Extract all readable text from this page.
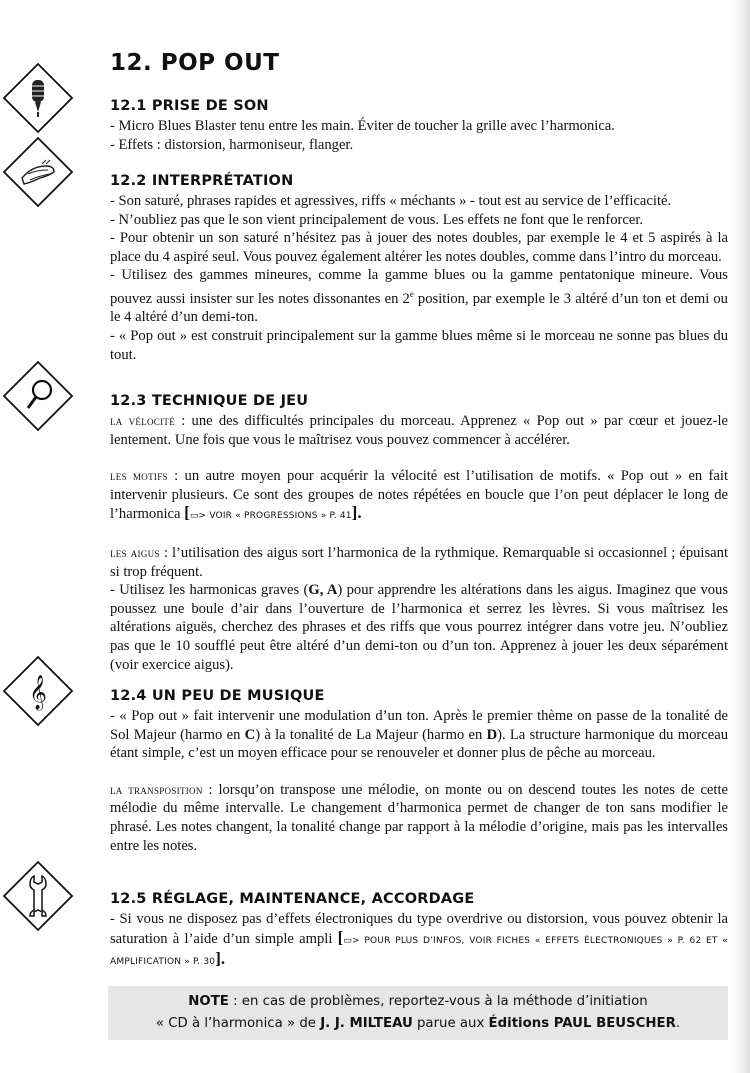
12. POP OUT
𝄞
12.1 PRISE DE SON

- Micro Blues Blaster tenu entre les main. Éviter de toucher la grille avec l’harmonica.

- Effets : distorsion, harmoniseur, flanger.

12.2 INTERPRÉTATION

- Son saturé, phrases rapides et agressives, riffs « méchants » - tout est au service de l’efficacité.

- N’oubliez pas que le son vient principalement de vous. Les effets ne font que le renforcer.

- Pour obtenir un son saturé n’hésitez pas à jouer des notes doubles, par exemple le 4 et 5 aspirés à la place du 4 aspiré seul. Vous pouvez également altérer les notes doubles, comme dans l’intro du morceau.

- Utilisez des gammes mineures, comme la gamme blues ou la gamme pentatonique mineure. Vous pouvez aussi insister sur les notes dissonantes en 2e position, par exemple le 3 altéré d’un ton et demi ou le 4 altéré d’un demi-ton.

- « Pop out » est construit principalement sur la gamme blues même si le morceau ne sonne pas blues du tout.

12.3 TECHNIQUE DE JEU

la vélocité : une des difficultés principales du morceau. Apprenez « Pop out » par cœur et jouez-le lentement. Une fois que vous le maîtrisez vous pouvez commencer à accélérer.

les motifs : un autre moyen pour acquérir la vélocité est l’utilisation de motifs. « Pop out » en fait intervenir plusieurs. Ce sont des groupes de notes répétées en boucle que l’on peut déplacer le long de l’harmonica [▭> VOIR « PROGRESSIONS » P. 41].

les aigus : l’utilisation des aigus sort l’harmonica de la rythmique. Remarquable si occasionnel ; épuisant si trop fréquent.

- Utilisez les harmonicas graves (G, A) pour apprendre les altérations dans les aigus. Imaginez que vous poussez une boule d’air dans l’ouverture de l’harmonica et serrez les lèvres. Si vous maîtrisez les altérations aiguës, cherchez des phrases et des riffs que vous pourrez intégrer dans votre jeu. N’oubliez pas que le 10 soufflé peut être altéré d’un demi-ton ou d’un ton. Apprenez à jouer les deux séparément (voir exercice aigus).

12.4 UN PEU DE MUSIQUE

- « Pop out » fait intervenir une modulation d’un ton. Après le premier thème on passe de la tonalité de Sol Majeur (harmo en C) à la tonalité de La Majeur (harmo en D). La structure harmonique du morceau étant simple, c’est un moyen efficace pour se renouveler et donner plus de pêche au morceau.

la transposition : lorsqu’on transpose une mélodie, on monte ou on descend toutes les notes de cette mélodie du même intervalle. Le changement d’harmonica permet de changer de ton sans modifier le phrasé. Les notes changent, la tonalité change par rapport à la mélodie d’origine, mais pas les intervalles entre les notes.

12.5 RÉGLAGE, MAINTENANCE, ACCORDAGE

- Si vous ne disposez pas d’effets électroniques du type overdrive ou distorsion, vous pouvez obtenir la saturation à l’aide d’un simple ampli [▭> POUR PLUS D’INFOS, VOIR FICHES « EFFETS ÉLECTRONIQUES » P. 62 ET « AMPLIFICATION » P. 30].

NOTE : en cas de problèmes, reportez-vous à la méthode d’initiation
« CD à l’harmonica » de J. J. MILTEAU parue aux Éditions PAUL BEUSCHER.
